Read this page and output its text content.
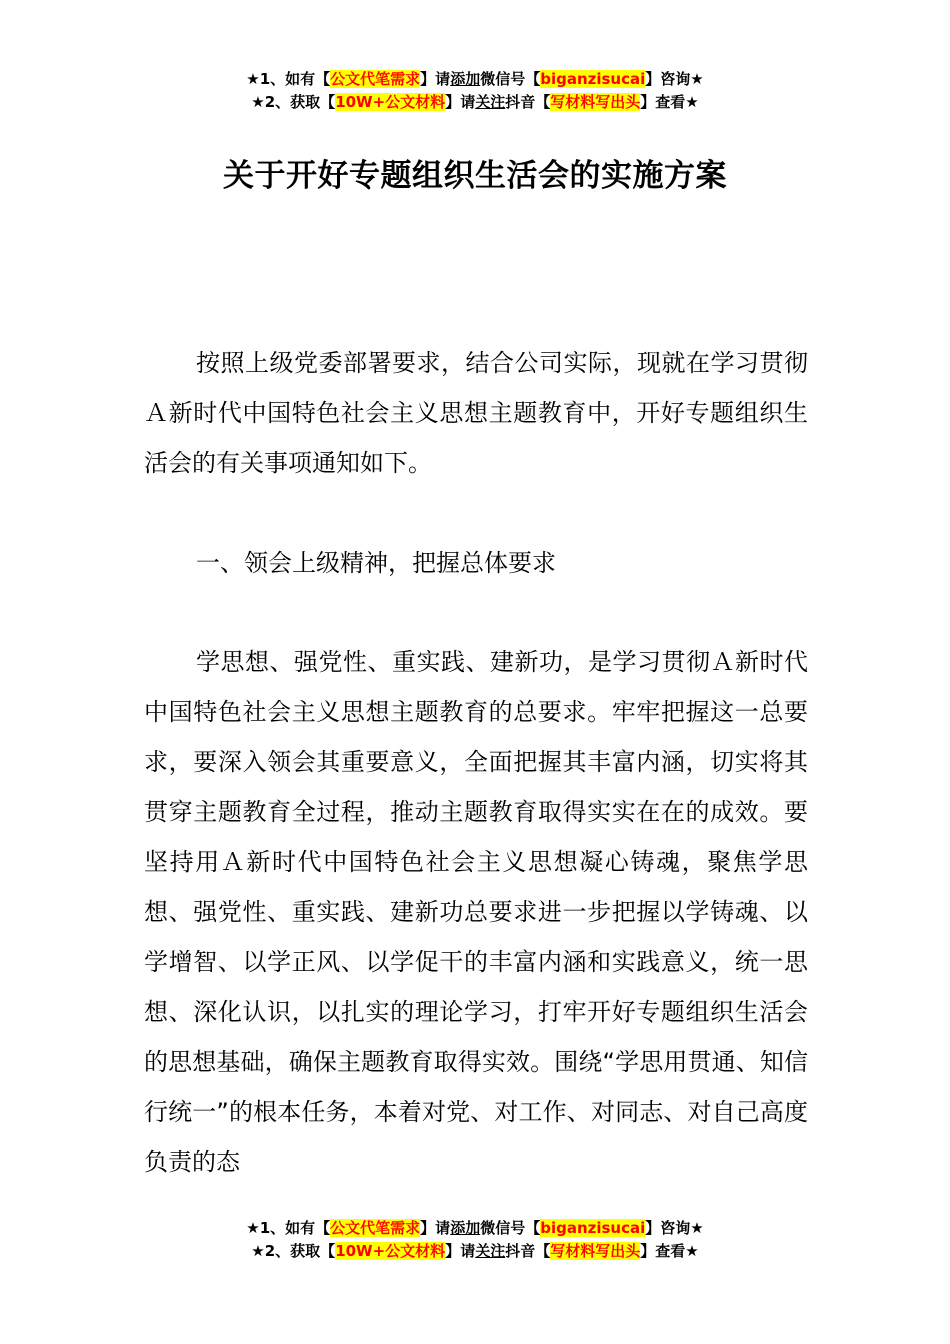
★1、如有【公文代笔需求】请添加微信号【biganzisucai】咨询★
★2、获取【10W+公文材料】请关注抖音【写材料写出头】查看★
关于开好专题组织生活会的实施方案
按照上级党委部署要求，结合公司实际，现就在学习贯彻Ａ新时代中国特色社会主义思想主题教育中，开好专题组织生活会的有关事项通知如下。
一、领会上级精神，把握总体要求
学思想、强党性、重实践、建新功，是学习贯彻Ａ新时代中国特色社会主义思想主题教育的总要求。牢牢把握这一总要求，要深入领会其重要意义，全面把握其丰富内涵，切实将其贯穿主题教育全过程，推动主题教育取得实实在在的成效。要坚持用Ａ新时代中国特色社会主义思想凝心铸魂，聚焦学思想、强党性、重实践、建新功总要求进一步把握以学铸魂、以学增智、以学正风、以学促干的丰富内涵和实践意义，统一思想、深化认识，以扎实的理论学习，打牢开好专题组织生活会的思想基础，确保主题教育取得实效。围绕“学思用贯通、知信行统一”的根本任务，本着对党、对工作、对同志、对自己高度负责的态
★1、如有【公文代笔需求】请添加微信号【biganzisucai】咨询★
★2、获取【10W+公文材料】请关注抖音【写材料写出头】查看★
